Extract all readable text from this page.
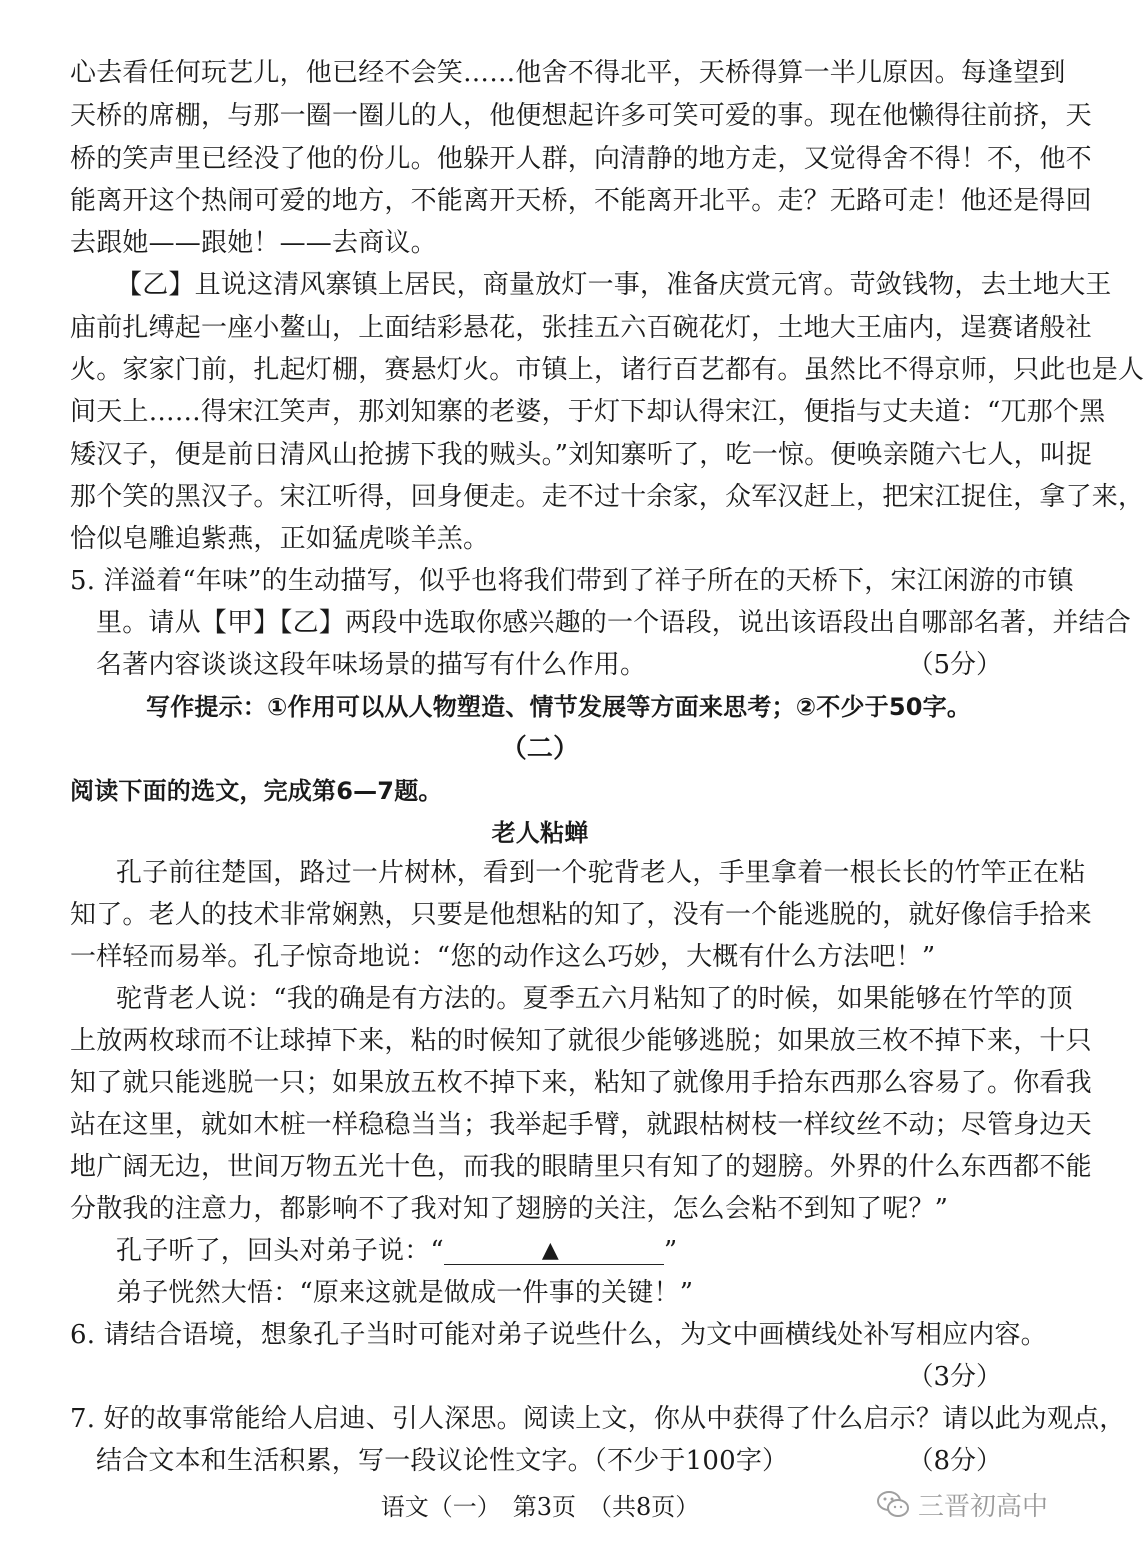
心去看任何玩艺儿，他已经不会笑……他舍不得北平，天桥得算一半儿原因。每逢望到
天桥的席棚，与那一圈一圈儿的人，他便想起许多可笑可爱的事。现在他懒得往前挤，天
桥的笑声里已经没了他的份儿。他躲开人群，向清静的地方走，又觉得舍不得！不，他不
能离开这个热闹可爱的地方，不能离开天桥，不能离开北平。走？无路可走！他还是得回
去跟她——跟她！——去商议。
【乙】且说这清风寨镇上居民，商量放灯一事，准备庆赏元宵。苛敛钱物，去土地大王
庙前扎缚起一座小鳌山，上面结彩悬花，张挂五六百碗花灯，土地大王庙内，逞赛诸般社
火。家家门前，扎起灯棚，赛悬灯火。市镇上，诸行百艺都有。虽然比不得京师，只此也是人
间天上……得宋江笑声，那刘知寨的老婆，于灯下却认得宋江，便指与丈夫道：“兀那个黑
矮汉子，便是前日清风山抢掳下我的贼头。”刘知寨听了，吃一惊。便唤亲随六七人，叫捉
那个笑的黑汉子。宋江听得，回身便走。走不过十余家，众军汉赶上，把宋江捉住，拿了来，
恰似皂雕追紫燕，正如猛虎啖羊羔。
5. 洋溢着“年味”的生动描写，似乎也将我们带到了祥子所在的天桥下，宋江闲游的市镇
里。请从【甲】【乙】两段中选取你感兴趣的一个语段，说出该语段出自哪部名著，并结合
名著内容谈谈这段年味场景的描写有什么作用。	（5分）
写作提示：①作用可以从人物塑造、情节发展等方面来思考；②不少于50字。
（二）
阅读下面的选文，完成第6—7题。
老人粘蝉
孔子前往楚国，路过一片树林，看到一个驼背老人，手里拿着一根长长的竹竿正在粘
知了。老人的技术非常娴熟，只要是他想粘的知了，没有一个能逃脱的，就好像信手拾来
一样轻而易举。孔子惊奇地说：“您的动作这么巧妙，大概有什么方法吧！”
驼背老人说：“我的确是有方法的。夏季五六月粘知了的时候，如果能够在竹竿的顶
上放两枚球而不让球掉下来，粘的时候知了就很少能够逃脱；如果放三枚不掉下来，十只
知了就只能逃脱一只；如果放五枚不掉下来，粘知了就像用手拾东西那么容易了。你看我
站在这里，就如木桩一样稳稳当当；我举起手臂，就跟枯树枝一样纹丝不动；尽管身边天
地广阔无边，世间万物五光十色，而我的眼睛里只有知了的翅膀。外界的什么东西都不能
分散我的注意力，都影响不了我对知了翅膀的关注，怎么会粘不到知了呢？”
孔子听了，回头对弟子说：“	▲	”
弟子恍然大悟：“原来这就是做成一件事的关键！”
6. 请结合语境，想象孔子当时可能对弟子说些什么，为文中画横线处补写相应内容。
（3分）
7. 好的故事常能给人启迪、引人深思。阅读上文，你从中获得了什么启示？请以此为观点，
结合文本和生活积累，写一段议论性文字。（不少于100字）	（8分）
语文（一）　第3页　（共8页）	三晋初高中
